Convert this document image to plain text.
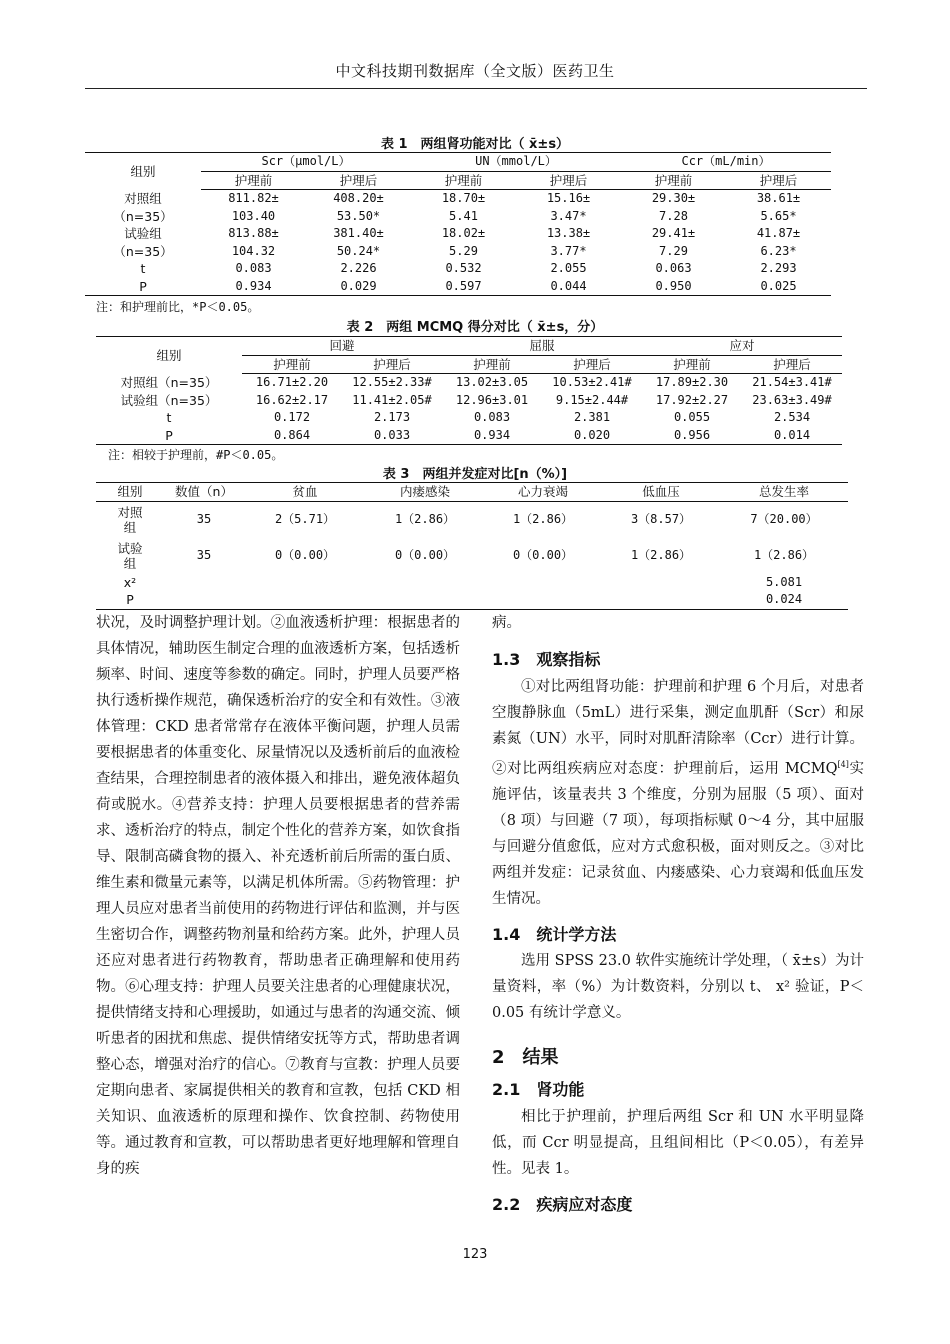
中文科技期刊数据库（全文版）医药卫生
表 1　两组肾功能对比（ x̄±s）
组别	Scr（μmol/L）		UN（mmol/L）		Ccr（mL/min）	
	护理前	护理后	护理前	护理后	护理前	护理后
对照组	811.82±	408.20±	18.70±	15.16±	29.30±	38.61±
（n=35）	103.40	53.50*	5.41	3.47*	7.28	5.65*
试验组	813.88±	381.40±	18.02±	13.38±	29.41±	41.87±
（n=35）	104.32	50.24*	5.29	3.77*	7.29	6.23*
t	0.083	2.226	0.532	2.055	0.063	2.293
P	0.934	0.029	0.597	0.044	0.950	0.025
注：和护理前比，*P＜0.05。
表 2　两组 MCMQ 得分对比（ x̄±s，分）
组别	回避		屈服		应对	
	护理前	护理后	护理前	护理后	护理前	护理后
对照组（n=35）	16.71±2.20	12.55±2.33#	13.02±3.05	10.53±2.41#	17.89±2.30	21.54±3.41#
试验组（n=35）	16.62±2.17	11.41±2.05#	12.96±3.01	9.15±2.44#	17.92±2.27	23.63±3.49#
t	0.172	2.173	0.083	2.381	0.055	2.534
P	0.864	0.033	0.934	0.020	0.956	0.014
注：相较于护理前，#P＜0.05。
表 3　两组并发症对比[n（%）]
组别	数值（n）	贫血	内瘘感染	心力衰竭	低血压	总发生率
对照组	35	2（5.71）	1（2.86）	1（2.86）	3（8.57）	7（20.00）
试验组	35	0（0.00）	0（0.00）	0（0.00）	1（2.86）	1（2.86）
x²						5.081
P						0.024

状况，及时调整护理计划。②血液透析护理：根据患者的具体情况，辅助医生制定合理的血液透析方案，包括透析频率、时间、速度等参数的确定。同时，护理人员要严格执行透析操作规范，确保透析治疗的安全和有效性。③液体管理：CKD 患者常常存在液体平衡问题，护理人员需要根据患者的体重变化、尿量情况以及透析前后的血液检查结果，合理控制患者的液体摄入和排出，避免液体超负荷或脱水。④营养支持：护理人员要根据患者的营养需求、透析治疗的特点，制定个性化的营养方案，如饮食指导、限制高磷食物的摄入、补充透析前后所需的蛋白质、维生素和微量元素等，以满足机体所需。⑤药物管理：护理人员应对患者当前使用的药物进行评估和监测，并与医生密切合作，调整药物剂量和给药方案。此外，护理人员还应对患者进行药物教育，帮助患者正确理解和使用药物。⑥心理支持：护理人员要关注患者的心理健康状况，提供情绪支持和心理援助，如通过与患者的沟通交流、倾听患者的困扰和焦虑、提供情绪安抚等方式，帮助患者调整心态，增强对治疗的信心。⑦教育与宣教：护理人员要定期向患者、家属提供相关的教育和宣教，包括 CKD 相关知识、血液透析的原理和操作、饮食控制、药物使用等。通过教育和宣教，可以帮助患者更好地理解和管理自身的疾

病。
1.3　观察指标
①对比两组肾功能：护理前和护理 6 个月后，对患者空腹静脉血（5mL）进行采集，测定血肌酐（Scr）和尿素氮（UN）水平，同时对肌酐清除率（Ccr）进行计算。②对比两组疾病应对态度：护理前后，运用 MCMQ[4]实施评估，该量表共 3 个维度，分别为屈服（5 项）、面对（8 项）与回避（7 项），每项指标赋 0～4 分，其中屈服与回避分值愈低，应对方式愈积极，面对则反之。③对比两组并发症：记录贫血、内瘘感染、心力衰竭和低血压发生情况。
1.4　统计学方法
选用 SPSS 23.0 软件实施统计学处理，（ x̄±s）为计量资料，率（%）为计数资料，分别以 t、 x² 验证，P＜0.05 有统计学意义。
2　结果
2.1　肾功能
相比于护理前，护理后两组 Scr 和 UN 水平明显降低，而 Ccr 明显提高，且组间相比（P＜0.05），有差异性。见表 1。
2.2　疾病应对态度
123
